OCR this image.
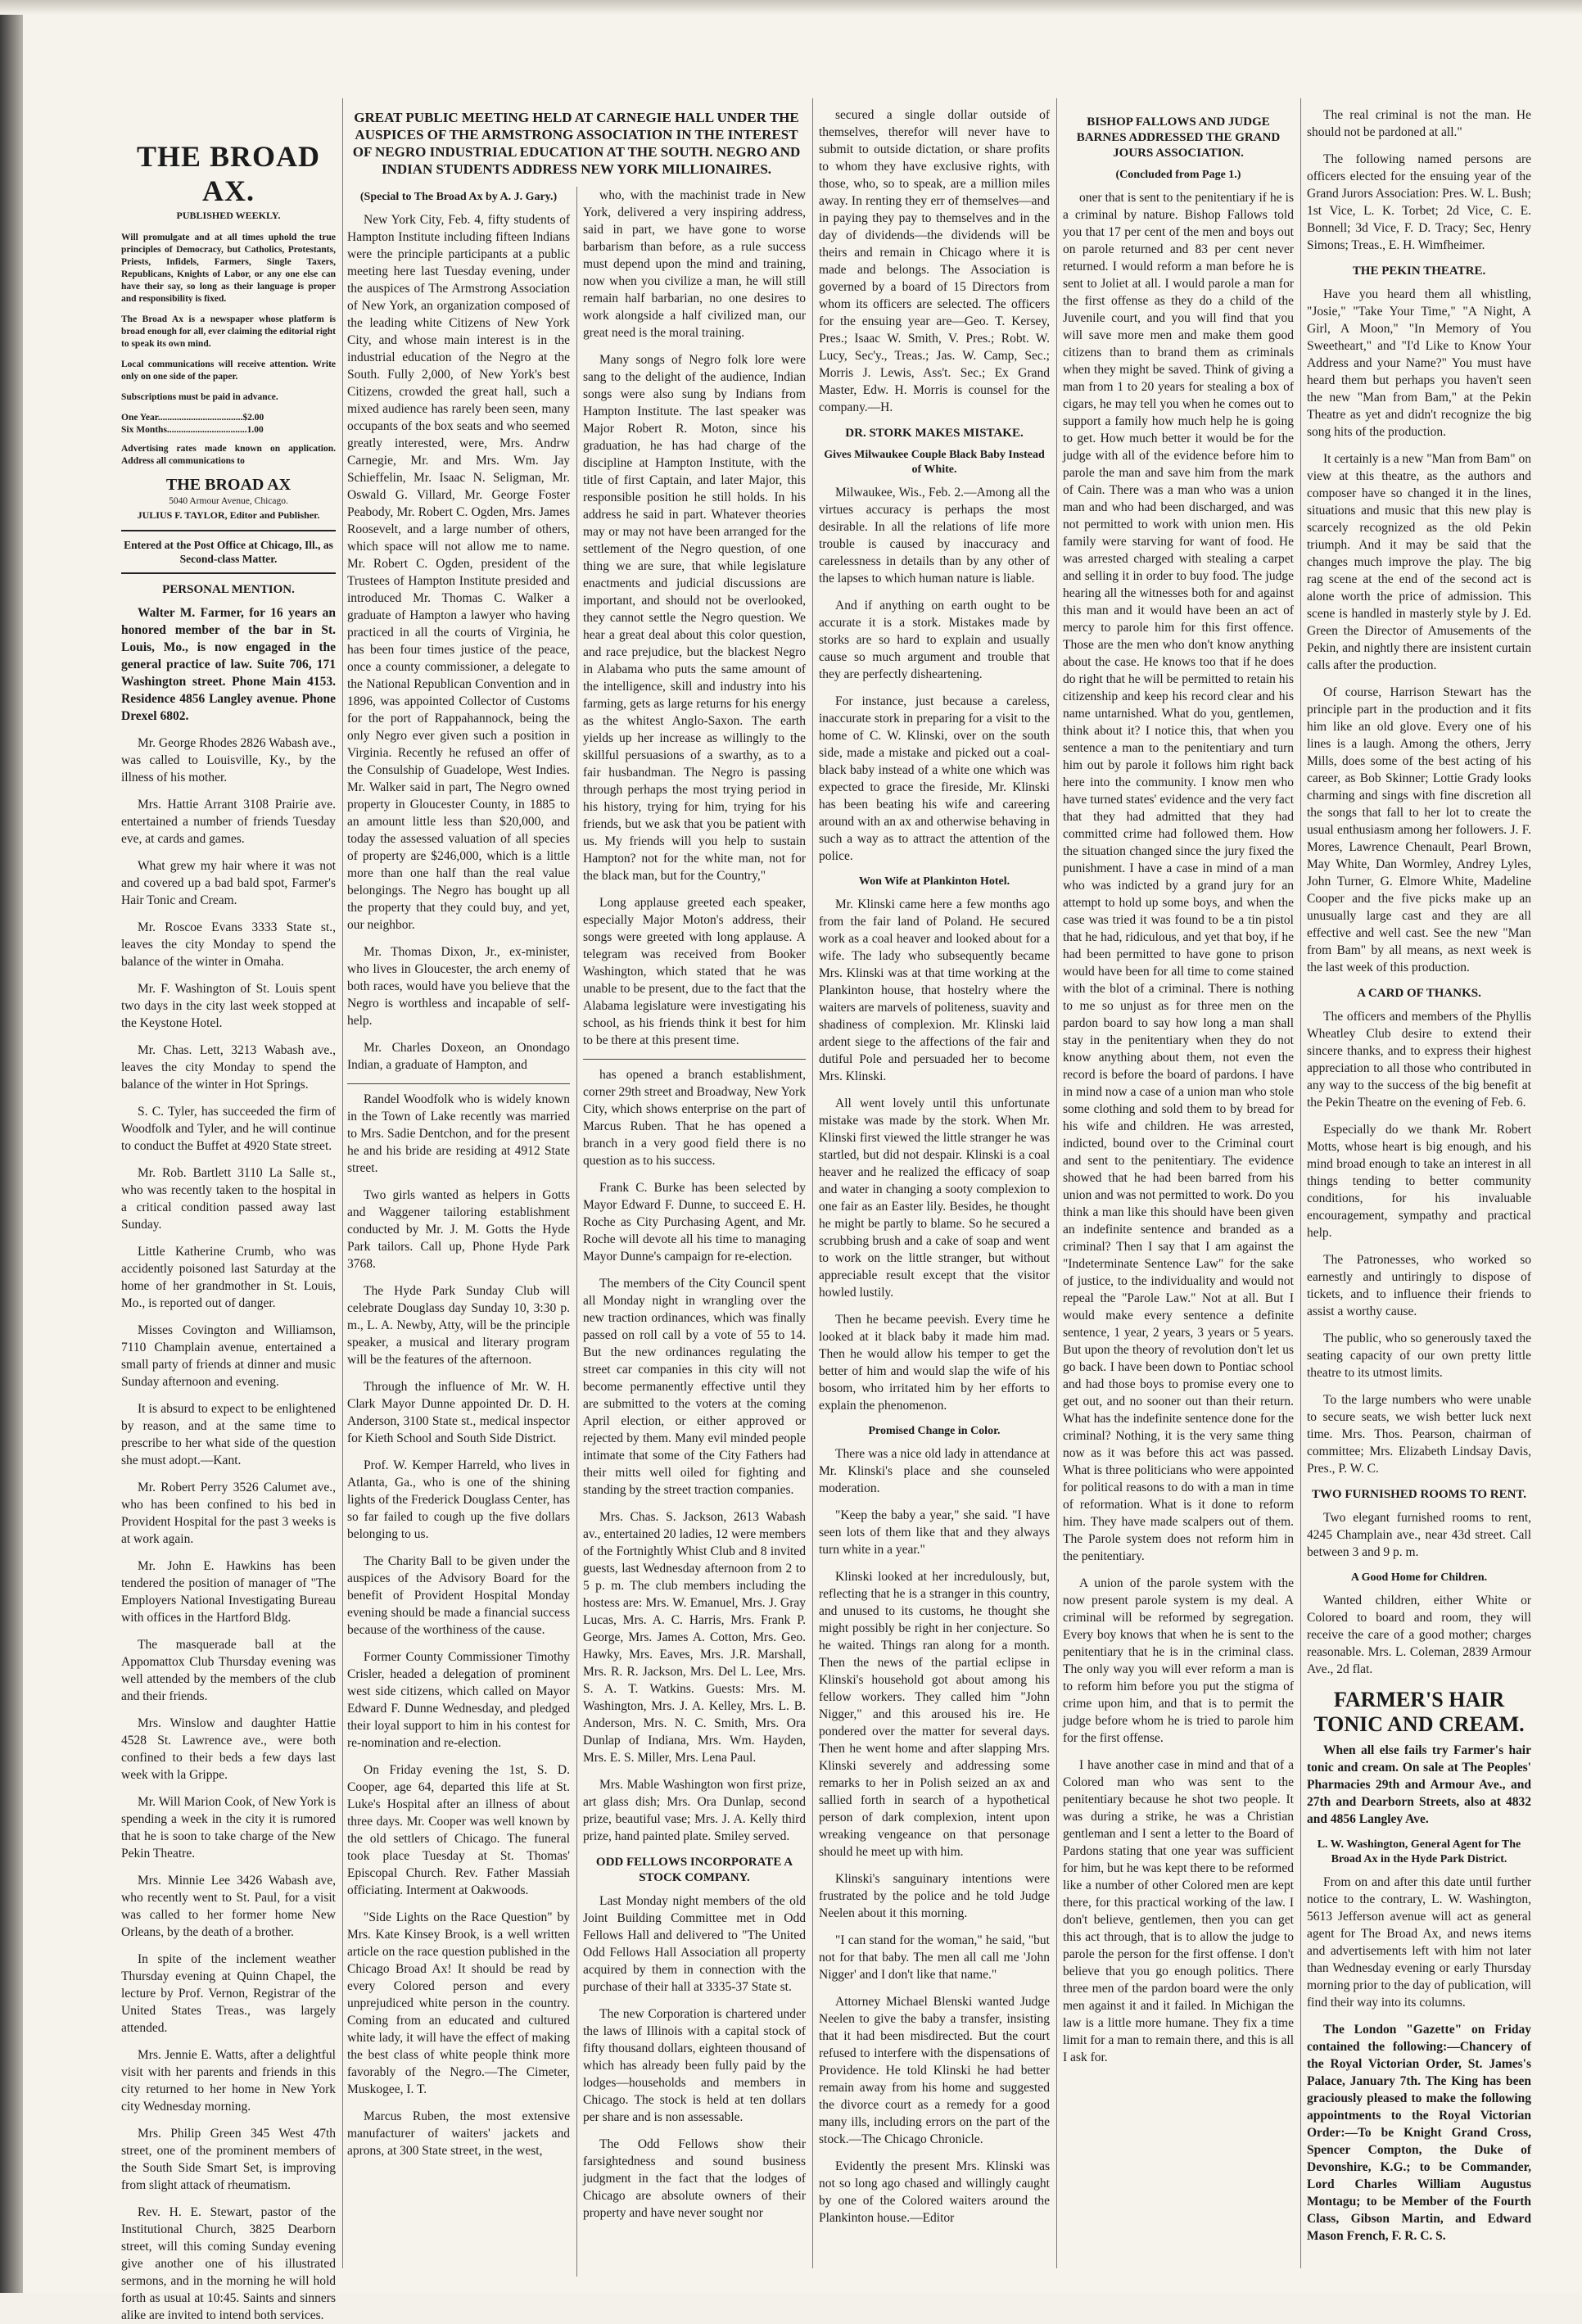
GREAT PUBLIC MEETING HELD AT CARNEGIE HALL UNDER THE AUSPICES OF THE ARMSTRONG ASSOCIATION IN THE INTEREST OF NEGRO INDUSTRIAL EDUCATION AT THE SOUTH. NEGRO AND INDIAN STUDENTS ADDRESS NEW YORK MILLIONAIRES.
THE BROAD AX.
PUBLISHED WEEKLY.
Will promulgate and at all times uphold the true principles of Democracy, but Catholics, Protestants, Priests, Infidels, Farmers, Single Taxers, Republicans, Knights of Labor, or any one else can have their say, so long as their language is proper and responsibility is fixed.
The Broad Ax is a newspaper whose platform is broad enough for all, ever claiming the editorial right to speak its own mind.
Local communications will receive attention. Write only on one side of the paper.
Subscriptions must be paid in advance.
One Year....................................$2.00
Six Months..................................1.00
Advertising rates made known on application. Address all communications to
THE BROAD AX
5040 Armour Avenue, Chicago.
JULIUS F. TAYLOR, Editor and Publisher.
Entered at the Post Office at Chicago, Ill., as Second-class Matter.
PERSONAL MENTION.
Walter M. Farmer, for 16 years an honored member of the bar in St. Louis, Mo., is now engaged in the general practice of law. Suite 706, 171 Washington street. Phone Main 4153. Residence 4856 Langley avenue. Phone Drexel 6802.
Mr. George Rhodes 2826 Wabash ave., was called to Louisville, Ky., by the illness of his mother.
Mrs. Hattie Arrant 3108 Prairie ave. entertained a number of friends Tuesday eve, at cards and games.
What grew my hair where it was not and covered up a bad bald spot, Farmer's Hair Tonic and Cream.
Mr. Roscoe Evans 3333 State st., leaves the city Monday to spend the balance of the winter in Omaha.
Mr. F. Washington of St. Louis spent two days in the city last week stopped at the Keystone Hotel.
Mr. Chas. Lett, 3213 Wabash ave., leaves the city Monday to spend the balance of the winter in Hot Springs.
S. C. Tyler, has succeeded the firm of Woodfolk and Tyler, and he will continue to conduct the Buffet at 4920 State street.
Mr. Rob. Bartlett 3110 La Salle st., who was recently taken to the hospital in a critical condition passed away last Sunday.
Little Katherine Crumb, who was accidently poisoned last Saturday at the home of her grandmother in St. Louis, Mo., is reported out of danger.
Misses Covington and Williamson, 7110 Champlain avenue, entertained a small party of friends at dinner and music Sunday afternoon and evening.
It is absurd to expect to be enlightened by reason, and at the same time to prescribe to her what side of the question she must adopt.—Kant.
Mr. Robert Perry 3526 Calumet ave., who has been confined to his bed in Provident Hospital for the past 3 weeks is at work again.
Mr. John E. Hawkins has been tendered the position of manager of "The Employers National Investigating Bureau with offices in the Hartford Bldg.
The masquerade ball at the Appomattox Club Thursday evening was well attended by the members of the club and their friends.
Mrs. Winslow and daughter Hattie 4528 St. Lawrence ave., were both confined to their beds a few days last week with la Grippe.
Mr. Will Marion Cook, of New York is spending a week in the city it is rumored that he is soon to take charge of the New Pekin Theatre.
Mrs. Minnie Lee 3426 Wabash ave, who recently went to St. Paul, for a visit was called to her former home New Orleans, by the death of a brother.
In spite of the inclement weather Thursday evening at Quinn Chapel, the lecture by Prof. Vernon, Registrar of the United States Treas., was largely attended.
Mrs. Jennie E. Watts, after a delightful visit with her parents and friends in this city returned to her home in New York city Wednesday morning.
Mrs. Philip Green 345 West 47th street, one of the prominent members of the South Side Smart Set, is improving from slight attack of rheumatism.
Rev. H. E. Stewart, pastor of the Institutional Church, 3825 Dearborn street, will this coming Sunday evening give another one of his illustrated sermons, and in the morning he will hold forth as usual at 10:45. Saints and sinners alike are invited to intend both services.
(Special to The Broad Ax by A. J. Gary.)
New York City, Feb. 4, fifty students of Hampton Institute including fifteen Indians were the principle participants at a public meeting here last Tuesday evening, under the auspices of The Armstrong Association of New York, an organization composed of the leading white Citizens of New York City, and whose main interest is in the industrial education of the Negro at the South. Fully 2,000, of New York's best Citizens, crowded the great hall, such a mixed audience has rarely been seen, many occupants of the box seats and who seemed greatly interested, were, Mrs. Andrw Carnegie, Mr. and Mrs. Wm. Jay Schieffelin, Mr. Isaac N. Seligman, Mr. Oswald G. Villard, Mr. George Foster Peabody, Mr. Robert C. Ogden, Mrs. James Roosevelt, and a large number of others, which space will not allow me to name. Mr. Robert C. Ogden, president of the Trustees of Hampton Institute presided and introduced Mr. Thomas C. Walker a graduate of Hampton a lawyer who having practiced in all the courts of Virginia, he has been four times justice of the peace, once a county commissioner, a delegate to the National Republican Convention and in 1896, was appointed Collector of Customs for the port of Rappahannock, being the only Negro ever given such a position in Virginia. Recently he refused an offer of the Consulship of Guadelope, West Indies. Mr. Walker said in part, The Negro owned property in Gloucester County, in 1885 to an amount little less than $20,000, and today the assessed valuation of all species of property are $246,000, which is a little more than one half than the real value belongings. The Negro has bought up all the property that they could buy, and yet, our neighbor.
Mr. Thomas Dixon, Jr., ex-minister, who lives in Gloucester, the arch enemy of both races, would have you believe that the Negro is worthless and incapable of self-help.
Mr. Charles Doxeon, an Onondago Indian, a graduate of Hampton, and
Randel Woodfolk who is widely known in the Town of Lake recently was married to Mrs. Sadie Dentchon, and for the present he and his bride are residing at 4912 State street.
Two girls wanted as helpers in Gotts and Waggener tailoring establishment conducted by Mr. J. M. Gotts the Hyde Park tailors. Call up, Phone Hyde Park 3768.
The Hyde Park Sunday Club will celebrate Douglass day Sunday 10, 3:30 p. m., L. A. Newby, Atty, will be the principle speaker, a musical and literary program will be the features of the afternoon.
Through the influence of Mr. W. H. Clark Mayor Dunne appointed Dr. D. H. Anderson, 3100 State st., medical inspector for Kieth School and South Side District.
Prof. W. Kemper Harreld, who lives in Atlanta, Ga., who is one of the shining lights of the Frederick Douglass Center, has so far failed to cough up the five dollars belonging to us.
The Charity Ball to be given under the auspices of the Advisory Board for the benefit of Provident Hospital Monday evening should be made a financial success because of the worthiness of the cause.
Former County Commissioner Timothy Crisler, headed a delegation of prominent west side citizens, which called on Mayor Edward F. Dunne Wednesday, and pledged their loyal support to him in his contest for re-nomination and re-election.
On Friday evening the 1st, S. D. Cooper, age 64, departed this life at St. Luke's Hospital after an illness of about three days. Mr. Cooper was well known by the old settlers of Chicago. The funeral took place Tuesday at St. Thomas' Episcopal Church. Rev. Father Massiah officiating. Interment at Oakwoods.
"Side Lights on the Race Question" by Mrs. Kate Kinsey Brook, is a well written article on the race question published in the Chicago Broad Ax! It should be read by every Colored person and every unprejudiced white person in the country. Coming from an educated and cultured white lady, it will have the effect of making the best class of white people think more favorably of the Negro.—The Cimeter, Muskogee, I. T.
Marcus Ruben, the most extensive manufacturer of waiters' jackets and aprons, at 300 State street, in the west,
who, with the machinist trade in New York, delivered a very inspiring address, said in part, we have gone to worse barbarism than before, as a rule success must depend upon the mind and training, now when you civilize a man, he will still remain half barbarian, no one desires to work alongside a half civilized man, our great need is the moral training.
Many songs of Negro folk lore were sang to the delight of the audience, Indian songs were also sung by Indians from Hampton Institute. The last speaker was Major Robert R. Moton, since his graduation, he has had charge of the discipline at Hampton Institute, with the title of first Captain, and later Major, this responsible position he still holds. In his address he said in part. Whatever theories may or may not have been arranged for the settlement of the Negro question, of one thing we are sure, that while legislature enactments and judicial discussions are important, and should not be overlooked, they cannot settle the Negro question. We hear a great deal about this color question, and race prejudice, but the blackest Negro in Alabama who puts the same amount of the intelligence, skill and industry into his farming, gets as large returns for his energy as the whitest Anglo-Saxon. The earth yields up her increase as willingly to the skillful persuasions of a swarthy, as to a fair husbandman. The Negro is passing through perhaps the most trying period in his history, trying for him, trying for his friends, but we ask that you be patient with us. My friends will you help to sustain Hampton? not for the white man, not for the black man, but for the Country,"
Long applause greeted each speaker, especially Major Moton's address, their songs were greeted with long applause. A telegram was received from Booker Washington, which stated that he was unable to be present, due to the fact that the Alabama legislature were investigating his school, as his friends think it best for him to be there at this present time.
has opened a branch establishment, corner 29th street and Broadway, New York City, which shows enterprise on the part of Marcus Ruben. That he has opened a branch in a very good field there is no question as to his success.
Frank C. Burke has been selected by Mayor Edward F. Dunne, to succeed E. H. Roche as City Purchasing Agent, and Mr. Roche will devote all his time to managing Mayor Dunne's campaign for re-election.
The members of the City Council spent all Monday night in wrangling over the new traction ordinances, which was finally passed on roll call by a vote of 55 to 14. But the new ordinances regulating the street car companies in this city will not become permanently effective until they are submitted to the voters at the coming April election, or either approved or rejected by them. Many evil minded people intimate that some of the City Fathers had their mitts well oiled for fighting and standing by the street traction companies.
Mrs. Chas. S. Jackson, 2613 Wabash av., entertained 20 ladies, 12 were members of the Fortnightly Whist Club and 8 invited guests, last Wednesday afternoon from 2 to 5 p. m. The club members including the hostess are: Mrs. W. Emanuel, Mrs. J. Gray Lucas, Mrs. A. C. Harris, Mrs. Frank P. George, Mrs. James A. Cotton, Mrs. Geo. Hawky, Mrs. Eaves, Mrs. J.R. Marshall, Mrs. R. R. Jackson, Mrs. Del L. Lee, Mrs. S. A. T. Watkins. Guests: Mrs. M. Washington, Mrs. J. A. Kelley, Mrs. L. B. Anderson, Mrs. N. C. Smith, Mrs. Ora Dunlap of Indiana, Mrs. Wm. Hayden, Mrs. E. S. Miller, Mrs. Lena Paul.
Mrs. Mable Washington won first prize, art glass dish; Mrs. Ora Dunlap, second prize, beautiful vase; Mrs. J. A. Kelly third prize, hand painted plate. Smiley served.
ODD FELLOWS INCORPORATE A STOCK COMPANY.
Last Monday night members of the old Joint Building Committee met in Odd Fellows Hall and delivered to "The United Odd Fellows Hall Association all property acquired by them in connection with the purchase of their hall at 3335-37 State st.
The new Corporation is chartered under the laws of Illinois with a capital stock of fifty thousand dollars, eighteen thousand of which has already been fully paid by the lodges—households and members in Chicago. The stock is held at ten dollars per share and is non assessable.
The Odd Fellows show their farsightedness and sound business judgment in the fact that the lodges of Chicago are absolute owners of their property and have never sought nor
secured a single dollar outside of themselves, therefor will never have to submit to outside dictation, or share profits to whom they have exclusive rights, with those, who, so to speak, are a million miles away. In renting they err of themselves—and in paying they pay to themselves and in the day of dividends—the dividends will be theirs and remain in Chicago where it is made and belongs. The Association is governed by a board of 15 Directors from whom its officers are selected. The officers for the ensuing year are—Geo. T. Kersey, Pres.; Isaac W. Smith, V. Pres.; Robt. W. Lucy, Sec'y., Treas.; Jas. W. Camp, Sec.; Morris J. Lewis, Ass't. Sec.; Ex Grand Master, Edw. H. Morris is counsel for the company.—H.
DR. STORK MAKES MISTAKE.
Gives Milwaukee Couple Black Baby Instead of White.
Milwaukee, Wis., Feb. 2.—Among all the virtues accuracy is perhaps the most desirable. In all the relations of life more trouble is caused by inaccuracy and carelessness in details than by any other of the lapses to which human nature is liable.
And if anything on earth ought to be accurate it is a stork. Mistakes made by storks are so hard to explain and usually cause so much argument and trouble that they are perfectly disheartening.
For instance, just because a careless, inaccurate stork in preparing for a visit to the home of C. W. Klinski, over on the south side, made a mistake and picked out a coal-black baby instead of a white one which was expected to grace the fireside, Mr. Klinski has been beating his wife and careering around with an ax and otherwise behaving in such a way as to attract the attention of the police.
Won Wife at Plankinton Hotel.
Mr. Klinski came here a few months ago from the fair land of Poland. He secured work as a coal heaver and looked about for a wife. The lady who subsequently became Mrs. Klinski was at that time working at the Plankinton house, that hostelry where the waiters are marvels of politeness, suavity and shadiness of complexion. Mr. Klinski laid ardent siege to the affections of the fair and dutiful Pole and persuaded her to become Mrs. Klinski.
All went lovely until this unfortunate mistake was made by the stork. When Mr. Klinski first viewed the little stranger he was startled, but did not despair. Klinski is a coal heaver and he realized the efficacy of soap and water in changing a sooty complexion to one fair as an Easter lily. Besides, he thought he might be partly to blame. So he secured a scrubbing brush and a cake of soap and went to work on the little stranger, but without appreciable result except that the visitor howled lustily.
Then he became peevish. Every time he looked at it black baby it made him mad. Then he would allow his temper to get the better of him and would slap the wife of his bosom, who irritated him by her efforts to explain the phenomenon.
Promised Change in Color.
There was a nice old lady in attendance at Mr. Klinski's place and she counseled moderation.
"Keep the baby a year," she said. "I have seen lots of them like that and they always turn white in a year."
Klinski looked at her incredulously, but, reflecting that he is a stranger in this country, and unused to its customs, he thought she might possibly be right in her conjecture. So he waited. Things ran along for a month. Then the news of the partial eclipse in Klinski's household got about among his fellow workers. They called him "John Nigger," and this aroused his ire. He pondered over the matter for several days. Then he went home and after slapping Mrs. Klinski severely and addressing some remarks to her in Polish seized an ax and sallied forth in search of a hypothetical person of dark complexion, intent upon wreaking vengeance on that personage should he meet up with him.
Klinski's sanguinary intentions were frustrated by the police and he told Judge Neelen about it this morning.
"I can stand for the woman," he said, "but not for that baby. The men all call me 'John Nigger' and I don't like that name."
Attorney Michael Blenski wanted Judge Neelen to give the baby a transfer, insisting that it had been misdirected. But the court refused to interfere with the dispensations of Providence. He told Klinski he had better remain away from his home and suggested the divorce court as a remedy for a good many ills, including errors on the part of the stock.—The Chicago Chronicle.
Evidently the present Mrs. Klinski was not so long ago chased and willingly caught by one of the Colored waiters around the Plankinton house.—Editor
BISHOP FALLOWS AND JUDGE BARNES ADDRESSED THE GRAND JOURS ASSOCIATION.
(Concluded from Page 1.)
oner that is sent to the penitentiary if he is a criminal by nature. Bishop Fallows told you that 17 per cent of the men and boys out on parole returned and 83 per cent never returned. I would reform a man before he is sent to Joliet at all. I would parole a man for the first offense as they do a child of the Juvenile court, and you will find that you will save more men and make them good citizens than to brand them as criminals when they might be saved. Think of giving a man from 1 to 20 years for stealing a box of cigars, he may tell you when he comes out to support a family how much help he is going to get. How much better it would be for the judge with all of the evidence before him to parole the man and save him from the mark of Cain. There was a man who was a union man and who had been discharged, and was not permitted to work with union men. His family were starving for want of food. He was arrested charged with stealing a carpet and selling it in order to buy food. The judge hearing all the witnesses both for and against this man and it would have been an act of mercy to parole him for this first offence. Those are the men who don't know anything about the case. He knows too that if he does do right that he will be permitted to retain his citizenship and keep his record clear and his name untarnished. What do you, gentlemen, think about it? I notice this, that when you sentence a man to the penitentiary and turn him out by parole it follows him right back here into the community. I know men who have turned states' evidence and the very fact that they had admitted that they had committed crime had followed them. How the situation changed since the jury fixed the punishment. I have a case in mind of a man who was indicted by a grand jury for an attempt to hold up some boys, and when the case was tried it was found to be a tin pistol that he had, ridiculous, and yet that boy, if he had been permitted to have gone to prison would have been for all time to come stained with the blot of a criminal. There is nothing to me so unjust as for three men on the pardon board to say how long a man shall stay in the penitentiary when they do not know anything about them, not even the record is before the board of pardons. I have in mind now a case of a union man who stole some clothing and sold them to by bread for his wife and children. He was arrested, indicted, bound over to the Criminal court and sent to the penitentiary. The evidence showed that he had been barred from his union and was not permitted to work. Do you think a man like this should have been given an indefinite sentence and branded as a criminal? Then I say that I am against the "Indeterminate Sentence Law" for the sake of justice, to the individuality and would not repeal the "Parole Law." Not at all. But I would make every sentence a definite sentence, 1 year, 2 years, 3 years or 5 years. But upon the theory of revolution don't let us go back. I have been down to Pontiac school and had those boys to promise every one to get out, and no sooner out than their return. What has the indefinite sentence done for the criminal? Nothing, it is the very same thing now as it was before this act was passed. What is three politicians who were appointed for political reasons to do with a man in time of reformation. What is it done to reform him. They have made scalpers out of them. The Parole system does not reform him in the penitentiary.
A union of the parole system with the now present parole system is my deal. A criminal will be reformed by segregation. Every boy knows that when he is sent to the penitentiary that he is in the criminal class. The only way you will ever reform a man is to reform him before you put the stigma of crime upon him, and that is to permit the judge before whom he is tried to parole him for the first offense.
I have another case in mind and that of a Colored man who was sent to the penitentiary because he shot two people. It was during a strike, he was a Christian gentleman and I sent a letter to the Board of Pardons stating that one year was sufficient for him, but he was kept there to be reformed like a number of other Colored men are kept there, for this practical working of the law. I don't believe, gentlemen, then you can get this act through, that is to allow the judge to parole the person for the first offense. I don't believe that you go enough politics. There three men of the pardon board were the only men against it and it failed. In Michigan the law is a little more humane. They fix a time limit for a man to remain there, and this is all I ask for.
The real criminal is not the man. He should not be pardoned at all."
The following named persons are officers elected for the ensuing year of the Grand Jurors Association: Pres. W. L. Bush; 1st Vice, L. K. Torbet; 2d Vice, C. E. Bonnell; 3d Vice, F. D. Tracy; Sec, Henry Simons; Treas., E. H. Wimfheimer.
THE PEKIN THEATRE.
Have you heard them all whistling, "Josie," "Take Your Time," "A Night, A Girl, A Moon," "In Memory of You Sweetheart," and "I'd Like to Know Your Address and your Name?" You must have heard them but perhaps you haven't seen the new "Man from Bam," at the Pekin Theatre as yet and didn't recognize the big song hits of the production.
It certainly is a new "Man from Bam" on view at this theatre, as the authors and composer have so changed it in the lines, situations and music that this new play is scarcely recognized as the old Pekin triumph. And it may be said that the changes much improve the play. The big rag scene at the end of the second act is alone worth the price of admission. This scene is handled in masterly style by J. Ed. Green the Director of Amusements of the Pekin, and nightly there are insistent curtain calls after the production.
Of course, Harrison Stewart has the principle part in the production and it fits him like an old glove. Every one of his lines is a laugh. Among the others, Jerry Mills, does some of the best acting of his career, as Bob Skinner; Lottie Grady looks charming and sings with fine discretion all the songs that fall to her lot to create the usual enthusiasm among her followers. J. F. Mores, Lawrence Chenault, Pearl Brown, May White, Dan Wormley, Andrey Lyles, John Turner, G. Elmore White, Madeline Cooper and the five picks make up an unusually large cast and they are all effective and well cast. See the new "Man from Bam" by all means, as next week is the last week of this production.
A CARD OF THANKS.
The officers and members of the Phyllis Wheatley Club desire to extend their sincere thanks, and to express their highest appreciation to all those who contributed in any way to the success of the big benefit at the Pekin Theatre on the evening of Feb. 6.
Especially do we thank Mr. Robert Motts, whose heart is big enough, and his mind broad enough to take an interest in all things tending to better community conditions, for his invaluable encouragement, sympathy and practical help.
The Patronesses, who worked so earnestly and untiringly to dispose of tickets, and to influence their friends to assist a worthy cause.
The public, who so generously taxed the seating capacity of our own pretty little theatre to its utmost limits.
To the large numbers who were unable to secure seats, we wish better luck next time. Mrs. Thos. Pearson, chairman of committee; Mrs. Elizabeth Lindsay Davis, Pres., P. W. C.
TWO FURNISHED ROOMS TO RENT.
Two elegant furnished rooms to rent, 4245 Champlain ave., near 43d street. Call between 3 and 9 p. m.
A Good Home for Children.
Wanted children, either White or Colored to board and room, they will receive the care of a good mother; charges reasonable. Mrs. L. Coleman, 2839 Armour Ave., 2d flat.
FARMER'S HAIR TONIC AND CREAM.
When all else fails try Farmer's hair tonic and cream. On sale at The Peoples' Pharmacies 29th and Armour Ave., and 27th and Dearborn Streets, also at 4832 and 4856 Langley Ave.
L. W. Washington, General Agent for The Broad Ax in the Hyde Park District.
From on and after this date until further notice to the contrary, L. W. Washington, 5613 Jefferson avenue will act as general agent for The Broad Ax, and news items and advertisements left with him not later than Wednesday evening or early Thursday morning prior to the day of publication, will find their way into its columns.
The London "Gazette" on Friday contained the following:—Chancery of the Royal Victorian Order, St. James's Palace, January 7th. The King has been graciously pleased to make the following appointments to the Royal Victorian Order:—To be Knight Grand Cross, Spencer Compton, the Duke of Devonshire, K.G.; to be Commander, Lord Charles William Augustus Montagu; to be Member of the Fourth Class, Gibson Martin, and Edward Mason French, F. R. C. S.
